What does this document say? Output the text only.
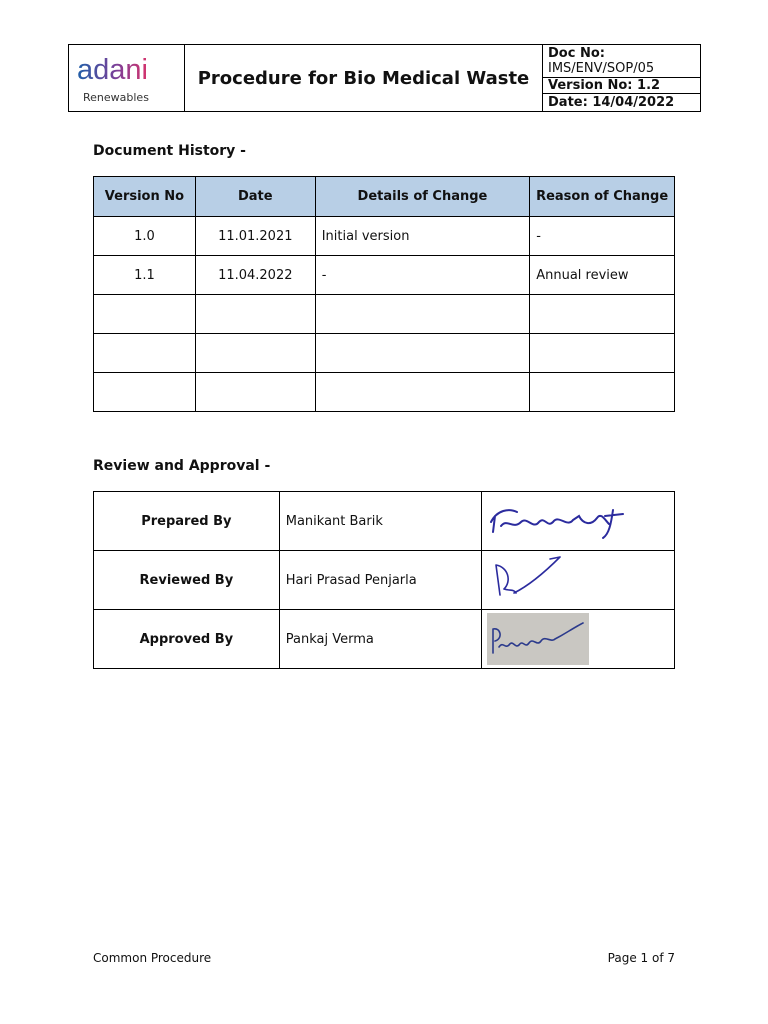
adani
Renewables
Procedure for Bio Medical Waste
Doc No:
IMS/ENV/SOP/05
Version No: 1.2
Date: 14/04/2022
Document History -
Version No	Date	Details of Change	Reason of Change
1.0	11.01.2021	Initial version	-
1.1	11.04.2022	-	Annual review

Review and Approval -
Prepared By	Manikant Barik	

Reviewed By	Hari Prasad Penjarla	

Approved By	Pankaj Verma	
Common Procedure	Page 1 of 7
